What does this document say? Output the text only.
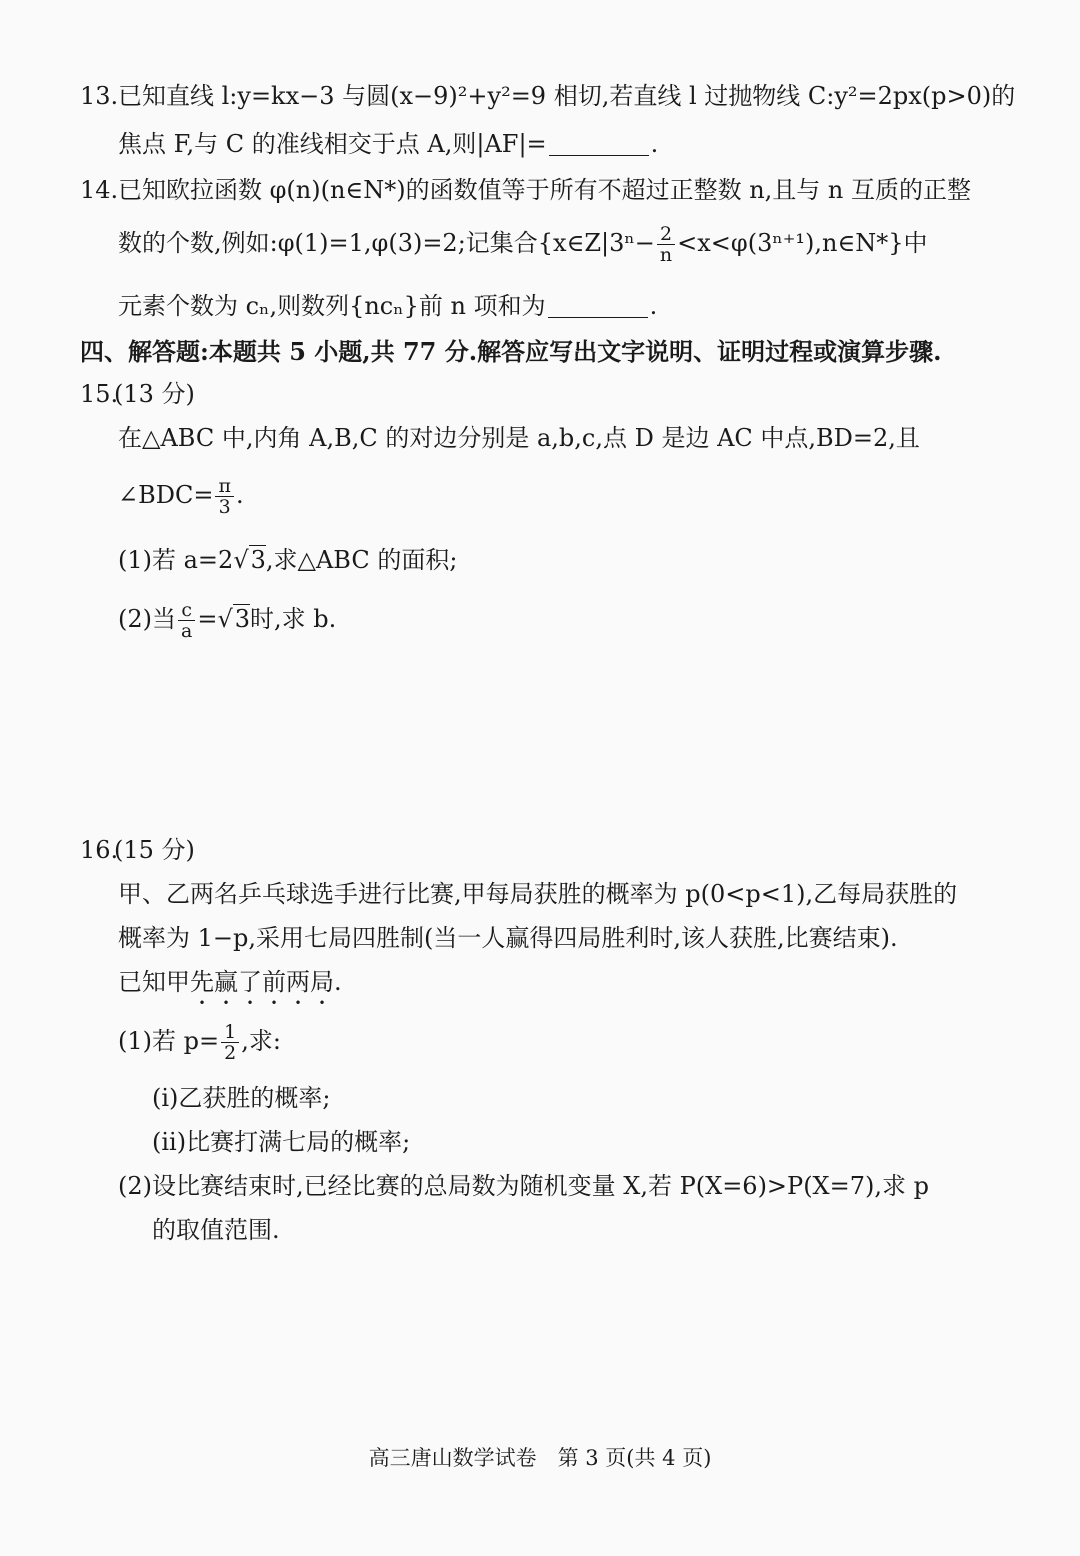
13. 已知直线 l:y=kx−3 与圆(x−9)²+y²=9 相切,若直线 l 过抛物线 C:y²=2px(p>0)的
焦点 F,与 C 的准线相交于点 A,则|AF|=	.
14. 已知欧拉函数 φ(n)(n∈N*)的函数值等于所有不超过正整数 n,且与 n 互质的正整
数的个数,例如:φ(1)=1,φ(3)=2;记集合{x∈Z|3ⁿ− $\frac{2}{n}$ <x<φ(3ⁿ⁺¹),n∈N*}中
元素个数为 cₙ,则数列{ncₙ}前 n 项和为	.
四、解答题:本题共 5 小题,共 77 分.解答应写出文字说明、证明过程或演算步骤.
15.
(13 分)
在△ABC 中,内角 A,B,C 的对边分别是 a,b,c,点 D 是边 AC 中点,BD=2,且
∠BDC= $\frac{\pi}{3}$ .
(1)若 a=2√3,求△ABC 的面积;
(2)当 $\frac{c}{a} =√3$时,求 b.
16.
(15 分)
甲、乙两名乒乓球选手进行比赛,甲每局获胜的概率为 p(0<p<1),乙每局获胜的
概率为 1−p,采用七局四胜制(当一人赢得四局胜利时,该人获胜,比赛结束).
已知甲先赢了前两局.
(1)若 $p= \frac{1}{2}$ ,求:
(i)乙获胜的概率;
(ii)比赛打满七局的概率;
(2)设比赛结束时,已经比赛的总局数为随机变量 X,若 P(X=6)>P(X=7),求 p
的取值范围.
高三唐山数学试卷　第 3 页(共 4 页)
